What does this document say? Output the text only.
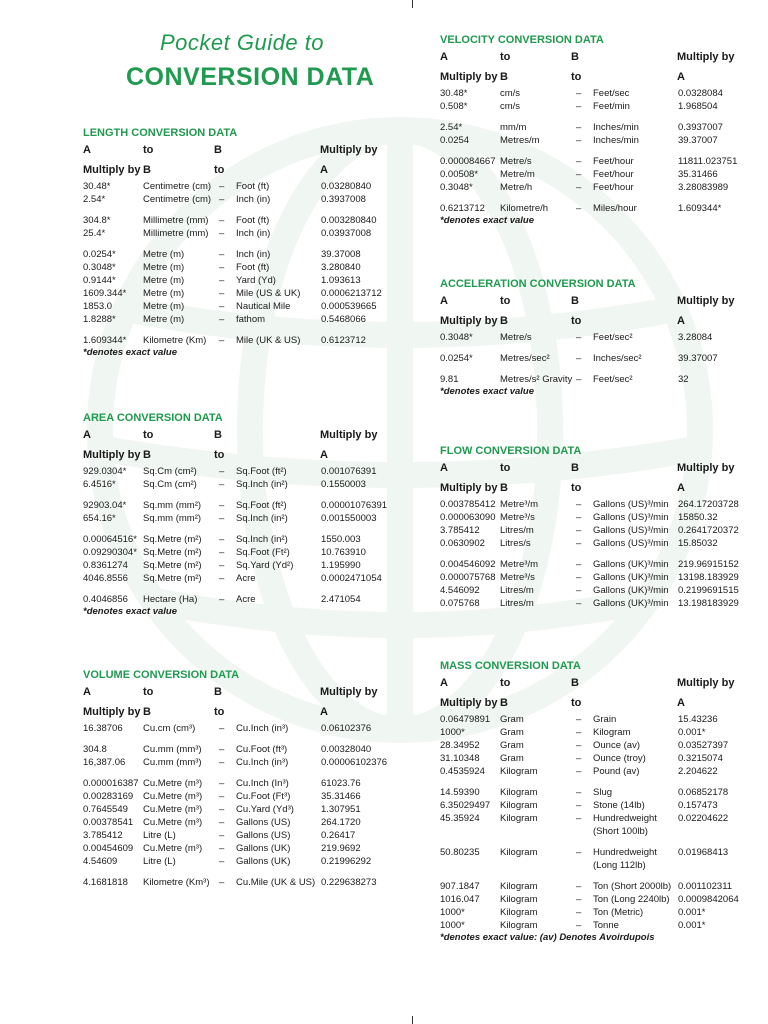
Pocket Guide to
CONVERSION DATA
LENGTH CONVERSION DATA
A	to	B	Multiply by
Multiply by B	to	A
30.48*	Centimetre (cm) – Foot (ft)	0.03280840
2.54*	Centimetre (cm) – Inch (in)	0.3937008
304.8*	Millimetre (mm) – Foot (ft)	0.003280840
25.4*	Millimetre (mm) – Inch (in)	0.03937008
0.0254*	Metre (m)	– Inch (in)	39.37008
0.3048*	Metre (m)	– Foot (ft)	3.280840
0.9144*	Metre (m)	– Yard (Yd)	1.093613
1609.344* Metre (m)	– Mile (US & UK) 0.0006213712
1853.0	Metre (m)	– Nautical Mile	0.000539665
1.8288*	Metre (m)	– fathom	0.5468066
1.609344* Kilometre (Km) – Mile (UK & US) 0.6123712
*denotes exact value
AREA CONVERSION DATA
A	to	B	Multiply by
Multiply by B	to	A
929.0304* Sq.Cm (cm²) – Sq.Foot (ft²)	0.001076391
6.4516*	Sq.Cm (cm²) – Sq.Inch (in²)	0.1550003
92903.04* Sq.mm (mm²) – Sq.Foot (ft²)	0.00001076391
654.16*	Sq.mm (mm²) – Sq.Inch (in²)	0.001550003
0.00064516* Sq.Metre (m²) – Sq.Inch (in²)	1550.003
0.09290304* Sq.Metre (m²) – Sq.Foot (Ft²)	10.763910
0.8361274 Sq.Metre (m²) – Sq.Yard (Yd²)	1.195990
4046.8556 Sq.Metre (m²) – Acre	0.0002471054
0.4046856 Hectare (Ha) – Acre	2.471054
*denotes exact value
VOLUME CONVERSION DATA
A	to	B	Multiply by
Multiply by B	to	A
16.38706 Cu.cm (cm³)	– Cu.Inch (in³)	0.06102376
304.8	Cu.mm (mm³) – Cu.Foot (ft³)	0.00328040
16,387.06 Cu.mm (mm³) – Cu.Inch (in³)	0.00006102376
0.000016387 Cu.Metre (m³) – Cu.Inch (In³)	61023.76
0.00283169 Cu.Metre (m³) – Cu.Foot (Ft³)	35.31466
0.7645549 Cu.Metre (m³) – Cu.Yard (Yd³)	1.307951
0.00378541 Cu.Metre (m³) – Gallons (US)	264.1720
3.785412 Litre (L)	– Gallons (US)	0.26417
0.00454609 Cu.Metre (m³) – Gallons (UK)	219.9692
4.54609	Litre (L)	– Gallons (UK)	0.21996292
4.1681818 Kilometre (Km³) – Cu.Mile (UK & US) 0.229638273
VELOCITY CONVERSION DATA
A	to	B	Multiply by
Multiply by B	to	A
30.48*	cm/s	– Feet/sec	0.0328084
0.508*	cm/s	– Feet/min	1.968504
2.54*	mm/m	– Inches/min	0.3937007
0.0254	Metres/m	– Inches/min	39.37007
0.000084667 Metre/s	– Feet/hour	11811.023751
0.00508* Metre/m	– Feet/hour	35.31466
0.3048*	Metre/h	– Feet/hour	3.28083989
0.6213712 Kilometre/h	– Miles/hour	1.609344*
*denotes exact value
ACCELERATION CONVERSION DATA
A	to	B	Multiply by
Multiply by B	to	A
0.3048*	Metre/s	– Feet/sec²	3.28084
0.0254*	Metres/sec²	– Inches/sec²	39.37007
9.81	Metres/s² Gravity – Feet/sec²	32
*denotes exact value
FLOW CONVERSION DATA
A	to	B	Multiply by
Multiply by B	to	A
0.003785412 Metre³/m	– Gallons (US)³/min 264.17203728
0.000063090 Metre³/s	– Gallons (US)³/min 15850.32
3.785412 Litres/m	– Gallons (US)³/min 0.2641720372
0.0630902 Litres/s	– Gallons (US)³/min 15.85032
0.004546092 Metre³/m	– Gallons (UK)³/min 219.96915152
0.000075768 Metre³/s	– Gallons (UK)³/min 13198.183929
4.546092 Litres/m	– Gallons (UK)³/min 0.2199691515
0.075768 Litres/m	– Gallons (UK)³/min 13.198183929
MASS CONVERSION DATA
A	to	B	Multiply by
Multiply by B	to	A
0.06479891 Gram	– Grain	15.43236
1000*	Gram	– Kilogram	0.001*
28.34952 Gram	– Ounce (av)	0.03527397
31.10348 Gram	– Ounce (troy)	0.3215074
0.4535924 Kilogram	– Pound (av)	2.204622
14.59390 Kilogram	– Slug	0.06852178
6.35029497 Kilogram	– Stone (14lb)	0.157473
45.35924 Kilogram	– Hundredweight 0.02204622
(Short 100lb)
50.80235 Kilogram	– Hundredweight 0.01968413
(Long 112lb)
907.1847 Kilogram	– Ton (Short 2000lb) 0.001102311
1016.047 Kilogram	– Ton (Long 2240lb) 0.0009842064
1000*	Kilogram	– Ton (Metric)	0.001*
1000*	Kilogram	– Tonne	0.001*
*denotes exact value: (av) Denotes Avoirdupois
